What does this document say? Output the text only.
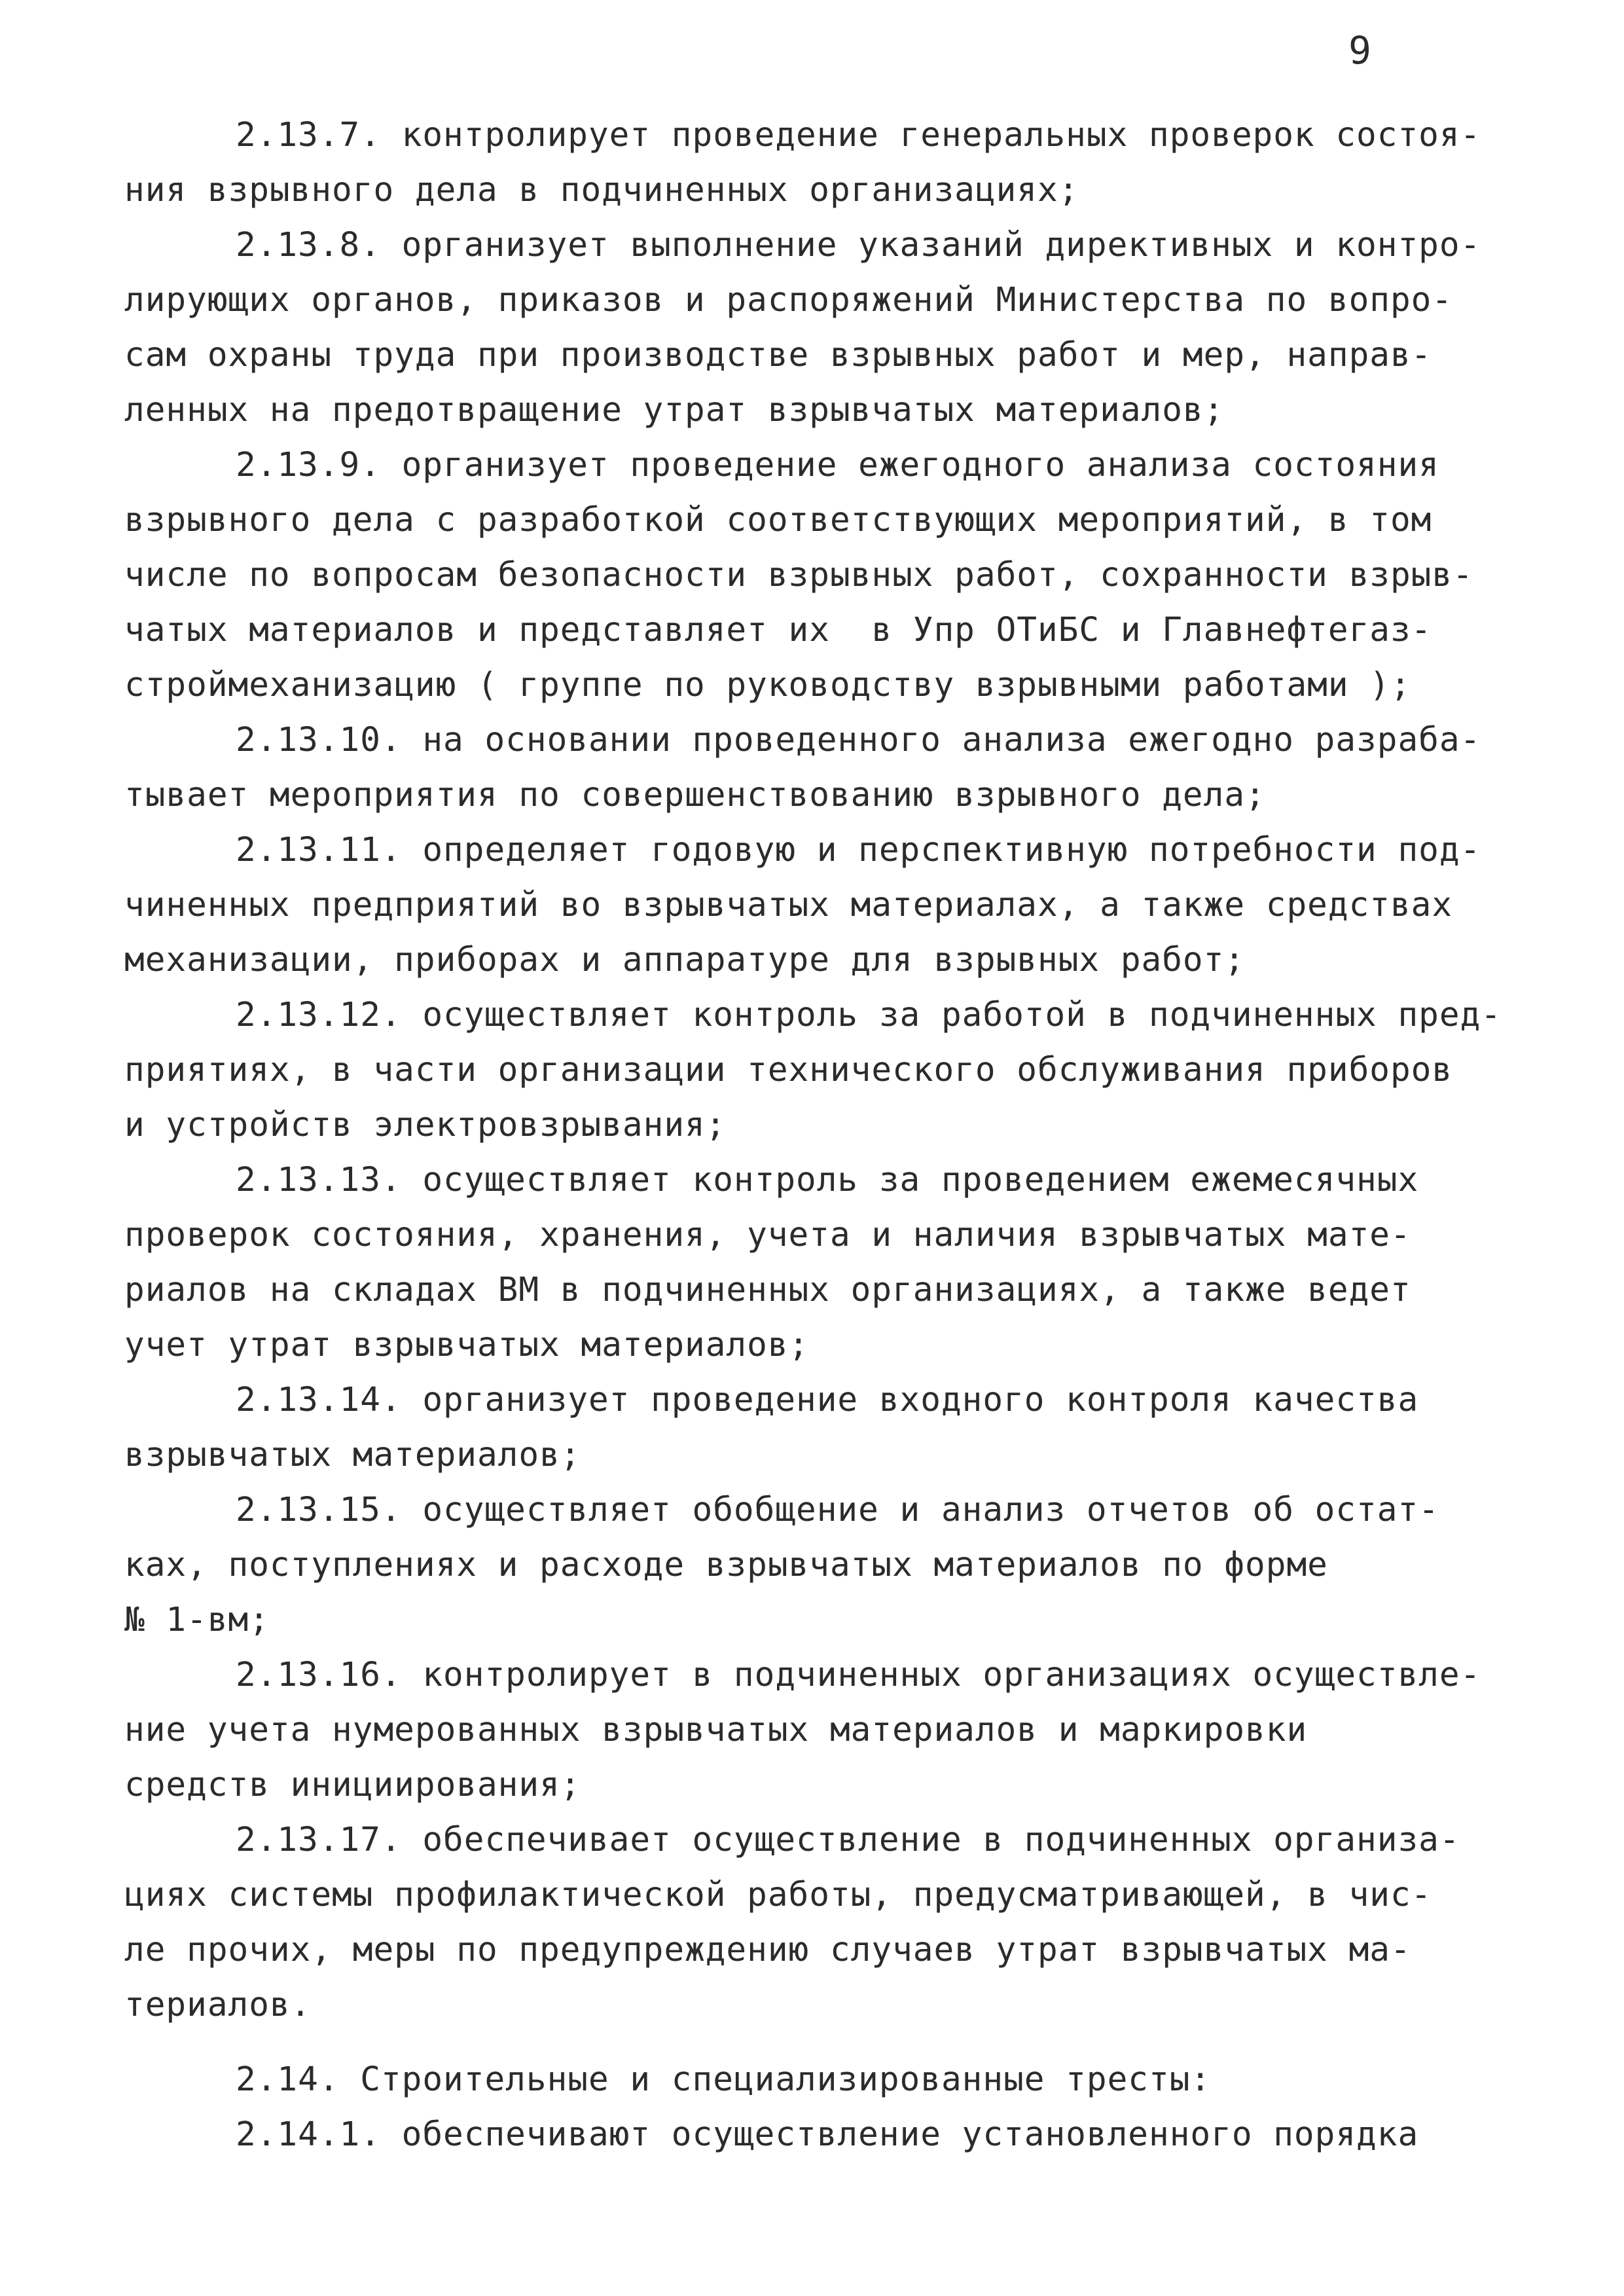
9
2.13.7. контролирует проведение генеральных проверок состоя-
ния взрывного дела в подчиненных организациях;
2.13.8. организует выполнение указаний директивных и контро-
лирующих органов, приказов и распоряжений Министерства по вопро-
сам охраны труда при производстве взрывных работ и мер, направ-
ленных на предотвращение утрат взрывчатых материалов;
2.13.9. организует проведение ежегодного анализа состояния
взрывного дела с разработкой соответствующих мероприятий, в том
числе по вопросам безопасности взрывных работ, сохранности взрыв-
чатых материалов и представляет их  в Упр ОТиБС и Главнефтегаз-
строймеханизацию ( группе по руководству взрывными работами );
2.13.10. на основании проведенного анализа ежегодно разраба-
тывает мероприятия по совершенствованию взрывного дела;
2.13.11. определяет годовую и перспективную потребности под-
чиненных предприятий во взрывчатых материалах, а также средствах
механизации, приборах и аппаратуре для взрывных работ;
2.13.12. осуществляет контроль за работой в подчиненных пред-
приятиях, в части организации технического обслуживания приборов
и устройств электровзрывания;
2.13.13. осуществляет контроль за проведением ежемесячных
проверок состояния, хранения, учета и наличия взрывчатых мате-
риалов на складах ВМ в подчиненных организациях, а также ведет
учет утрат взрывчатых материалов;
2.13.14. организует проведение входного контроля качества
взрывчатых материалов;
2.13.15. осуществляет обобщение и анализ отчетов об остат-
ках, поступлениях и расходе взрывчатых материалов по форме
№ 1-вм;
2.13.16. контролирует в подчиненных организациях осуществле-
ние учета нумерованных взрывчатых материалов и маркировки
средств инициирования;
2.13.17. обеспечивает осуществление в подчиненных организа-
циях системы профилактической работы, предусматривающей, в чис-
ле прочих, меры по предупреждению случаев утрат взрывчатых ма-
териалов.
2.14. Строительные и специализированные тресты:
2.14.1. обеспечивают осуществление установленного порядка
